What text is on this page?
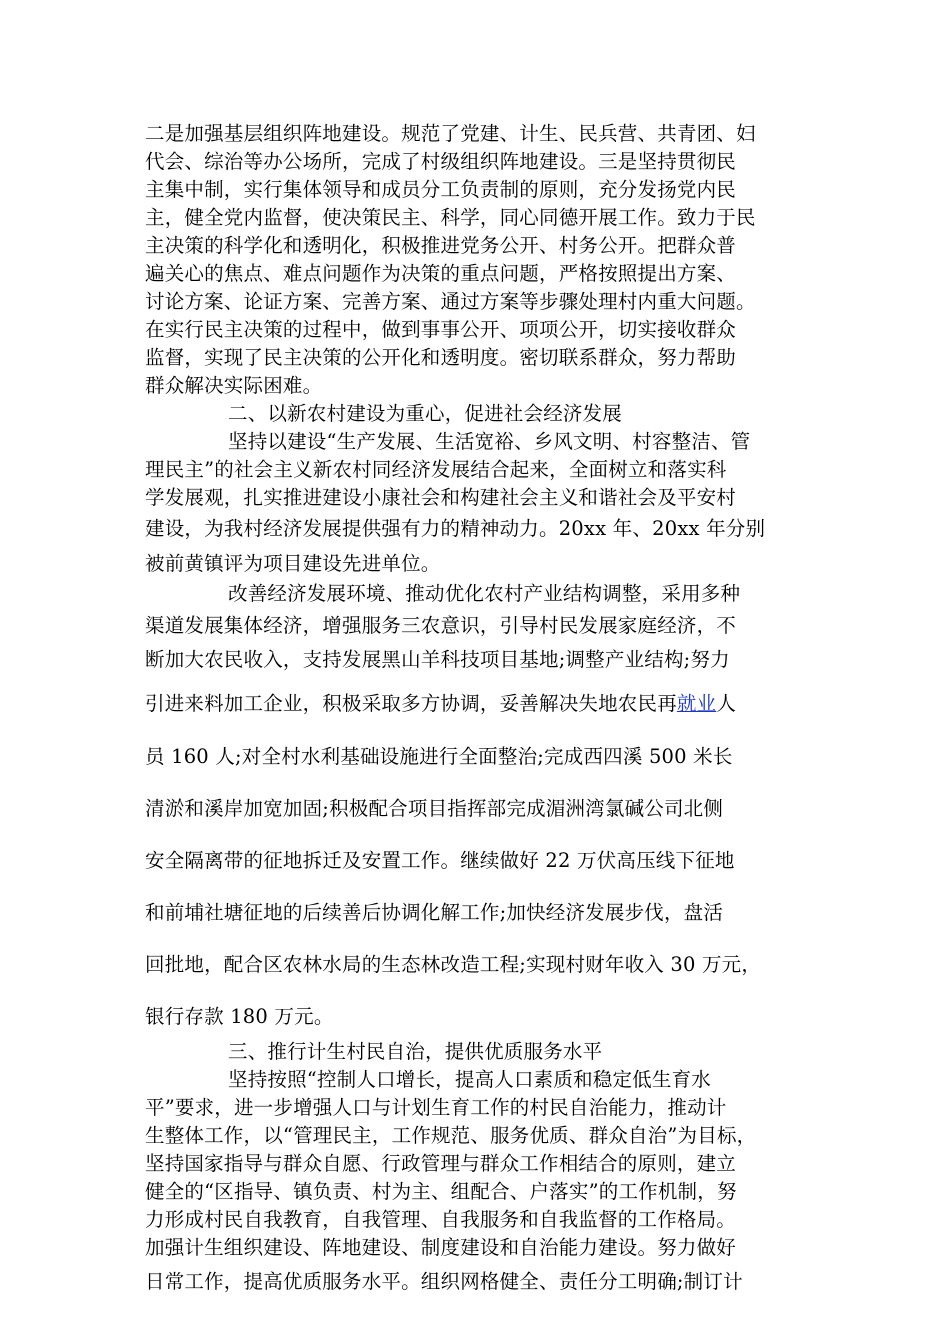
二是加强基层组织阵地建设。规范了党建、计生、民兵营、共青团、妇
代会、综治等办公场所，完成了村级组织阵地建设。三是坚持贯彻民
主集中制，实行集体领导和成员分工负责制的原则，充分发扬党内民
主，健全党内监督，使决策民主、科学，同心同德开展工作。致力于民
主决策的科学化和透明化，积极推进党务公开、村务公开。把群众普
遍关心的焦点、难点问题作为决策的重点问题，严格按照提出方案、
讨论方案、论证方案、完善方案、通过方案等步骤处理村内重大问题。
在实行民主决策的过程中，做到事事公开、项项公开，切实接收群众
监督，实现了民主决策的公开化和透明度。密切联系群众，努力帮助
群众解决实际困难。
二、以新农村建设为重心，促进社会经济发展
坚持以建设“生产发展、生活宽裕、乡风文明、村容整洁、管
理民主”的社会主义新农村同经济发展结合起来，全面树立和落实科
学发展观，扎实推进建设小康社会和构建社会主义和谐社会及平安村
建设，为我村经济发展提供强有力的精神动力。20xx 年、20xx 年分别
被前黄镇评为项目建设先进单位。
改善经济发展环境、推动优化农村产业结构调整，采用多种
渠道发展集体经济，增强服务三农意识，引导村民发展家庭经济，不
断加大农民收入，支持发展黑山羊科技项目基地;调整产业结构;努力
引进来料加工企业，积极采取多方协调，妥善解决失地农民再就业人
员 160 人;对全村水利基础设施进行全面整治;完成西四溪 500 米长
清淤和溪岸加宽加固;积极配合项目指挥部完成湄洲湾氯碱公司北侧
安全隔离带的征地拆迁及安置工作。继续做好 22 万伏高压线下征地
和前埔社塘征地的后续善后协调化解工作;加快经济发展步伐，盘活
回批地，配合区农林水局的生态林改造工程;实现村财年收入 30 万元，
银行存款 180 万元。
三、推行计生村民自治，提供优质服务水平
坚持按照“控制人口增长，提高人口素质和稳定低生育水
平”要求，进一步增强人口与计划生育工作的村民自治能力，推动计
生整体工作，以“管理民主，工作规范、服务优质、群众自治”为目标，
坚持国家指导与群众自愿、行政管理与群众工作相结合的原则，建立
健全的“区指导、镇负责、村为主、组配合、户落实”的工作机制，努
力形成村民自我教育，自我管理、自我服务和自我监督的工作格局。
加强计生组织建设、阵地建设、制度建设和自治能力建设。努力做好
日常工作，提高优质服务水平。组织网格健全、责任分工明确;制订计
